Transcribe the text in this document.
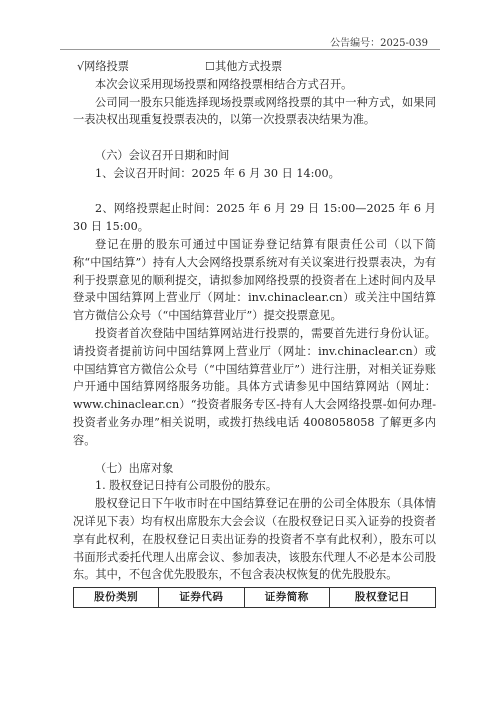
公告编号：2025-039
√网络投票	☐其他方式投票

本次会议采用现场投票和网络投票相结合方式召开。

公司同一股东只能选择现场投票或网络投票的其中一种方式，如果同一表决权出现重复投票表决的，以第一次投票表决结果为准。

（六）会议召开日期和时间

1、会议召开时间：2025 年 6 月 30 日 14:00。

2、网络投票起止时间：2025 年 6 月 29 日 15:00—2025 年 6 月 30 日 15:00。

登记在册的股东可通过中国证券登记结算有限责任公司（以下简称“中国结算”）持有人大会网络投票系统对有关议案进行投票表决，为有利于投票意见的顺利提交，请拟参加网络投票的投资者在上述时间内及早登录中国结算网上营业厅（网址：inv.chinaclear.cn）或关注中国结算官方微信公众号（“中国结算营业厅”）提交投票意见。

投资者首次登陆中国结算网站进行投票的，需要首先进行身份认证。请投资者提前访问中国结算网上营业厅（网址：inv.chinaclear.cn）或中国结算官方微信公众号（“中国结算营业厅”）进行注册，对相关证券账户开通中国结算网络服务功能。具体方式请参见中国结算网站（网址：www.chinaclear.cn）“投资者服务专区-持有人大会网络投票-如何办理-投资者业务办理”相关说明，或拨打热线电话 4008058058 了解更多内容。

（七）出席对象

1. 股权登记日持有公司股份的股东。

股权登记日下午收市时在中国结算登记在册的公司全体股东（具体情况详见下表）均有权出席股东大会会议（在股权登记日买入证券的投资者享有此权利，在股权登记日卖出证券的投资者不享有此权利），股东可以书面形式委托代理人出席会议、参加表决，该股东代理人不必是本公司股东。其中，不包含优先股股东，不包含表决权恢复的优先股股东。

股份类别	证券代码	证券简称	股权登记日
